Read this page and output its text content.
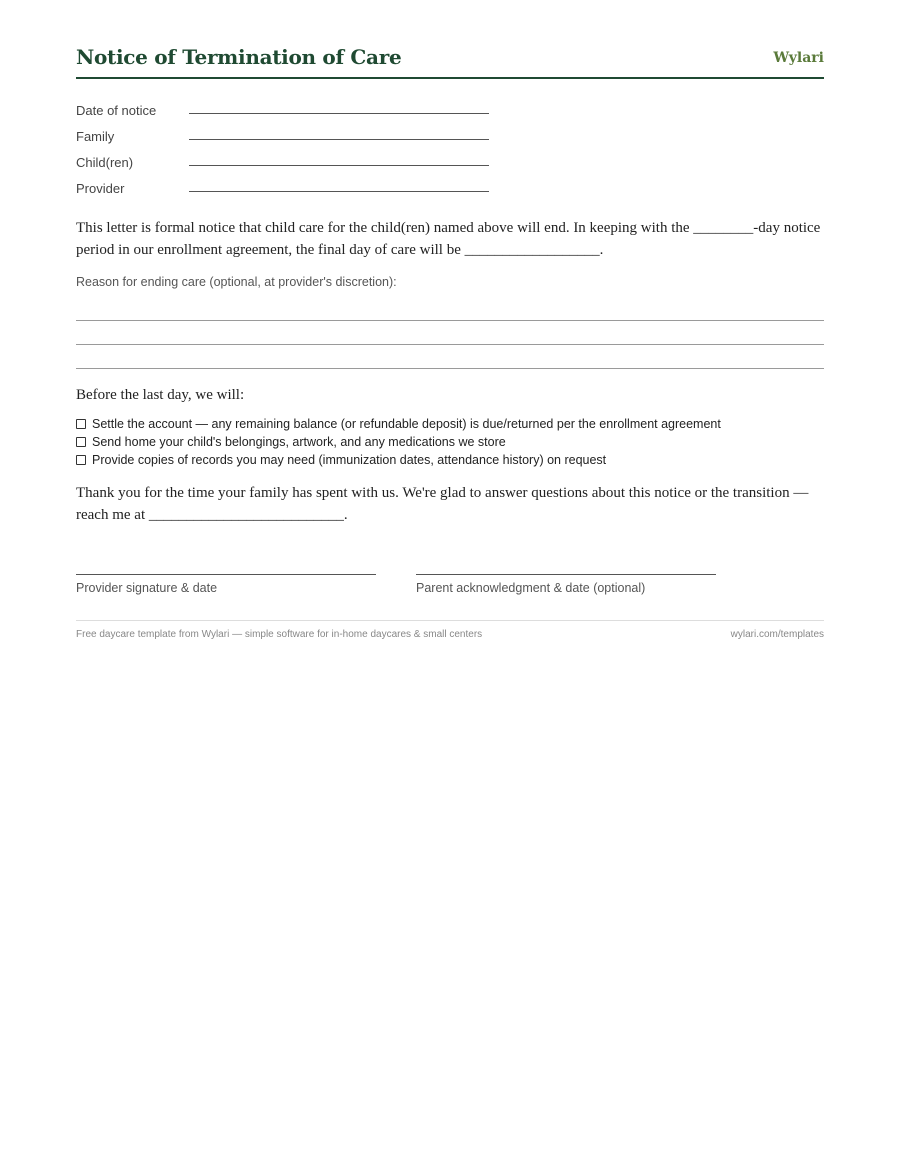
Notice of Termination of Care	Wylari
Date of notice
Family
Child(ren)
Provider

This letter is formal notice that child care for the child(ren) named above will end. In keeping with the ________-day notice period in our enrollment agreement, the final day of care will be __________________.

Reason for ending care (optional, at provider's discretion):
Before the last day, we will:
Settle the account — any remaining balance (or refundable deposit) is due/returned per the enrollment agreement
Send home your child's belongings, artwork, and any medications we store
Provide copies of records you may need (immunization dates, attendance history) on request

Thank you for the time your family has spent with us. We're glad to answer questions about this notice or the transition — reach me at __________________________.

Provider signature & date	Parent acknowledgment & date (optional)
Free daycare template from Wylari — simple software for in-home daycares & small centers	wylari.com/templates
